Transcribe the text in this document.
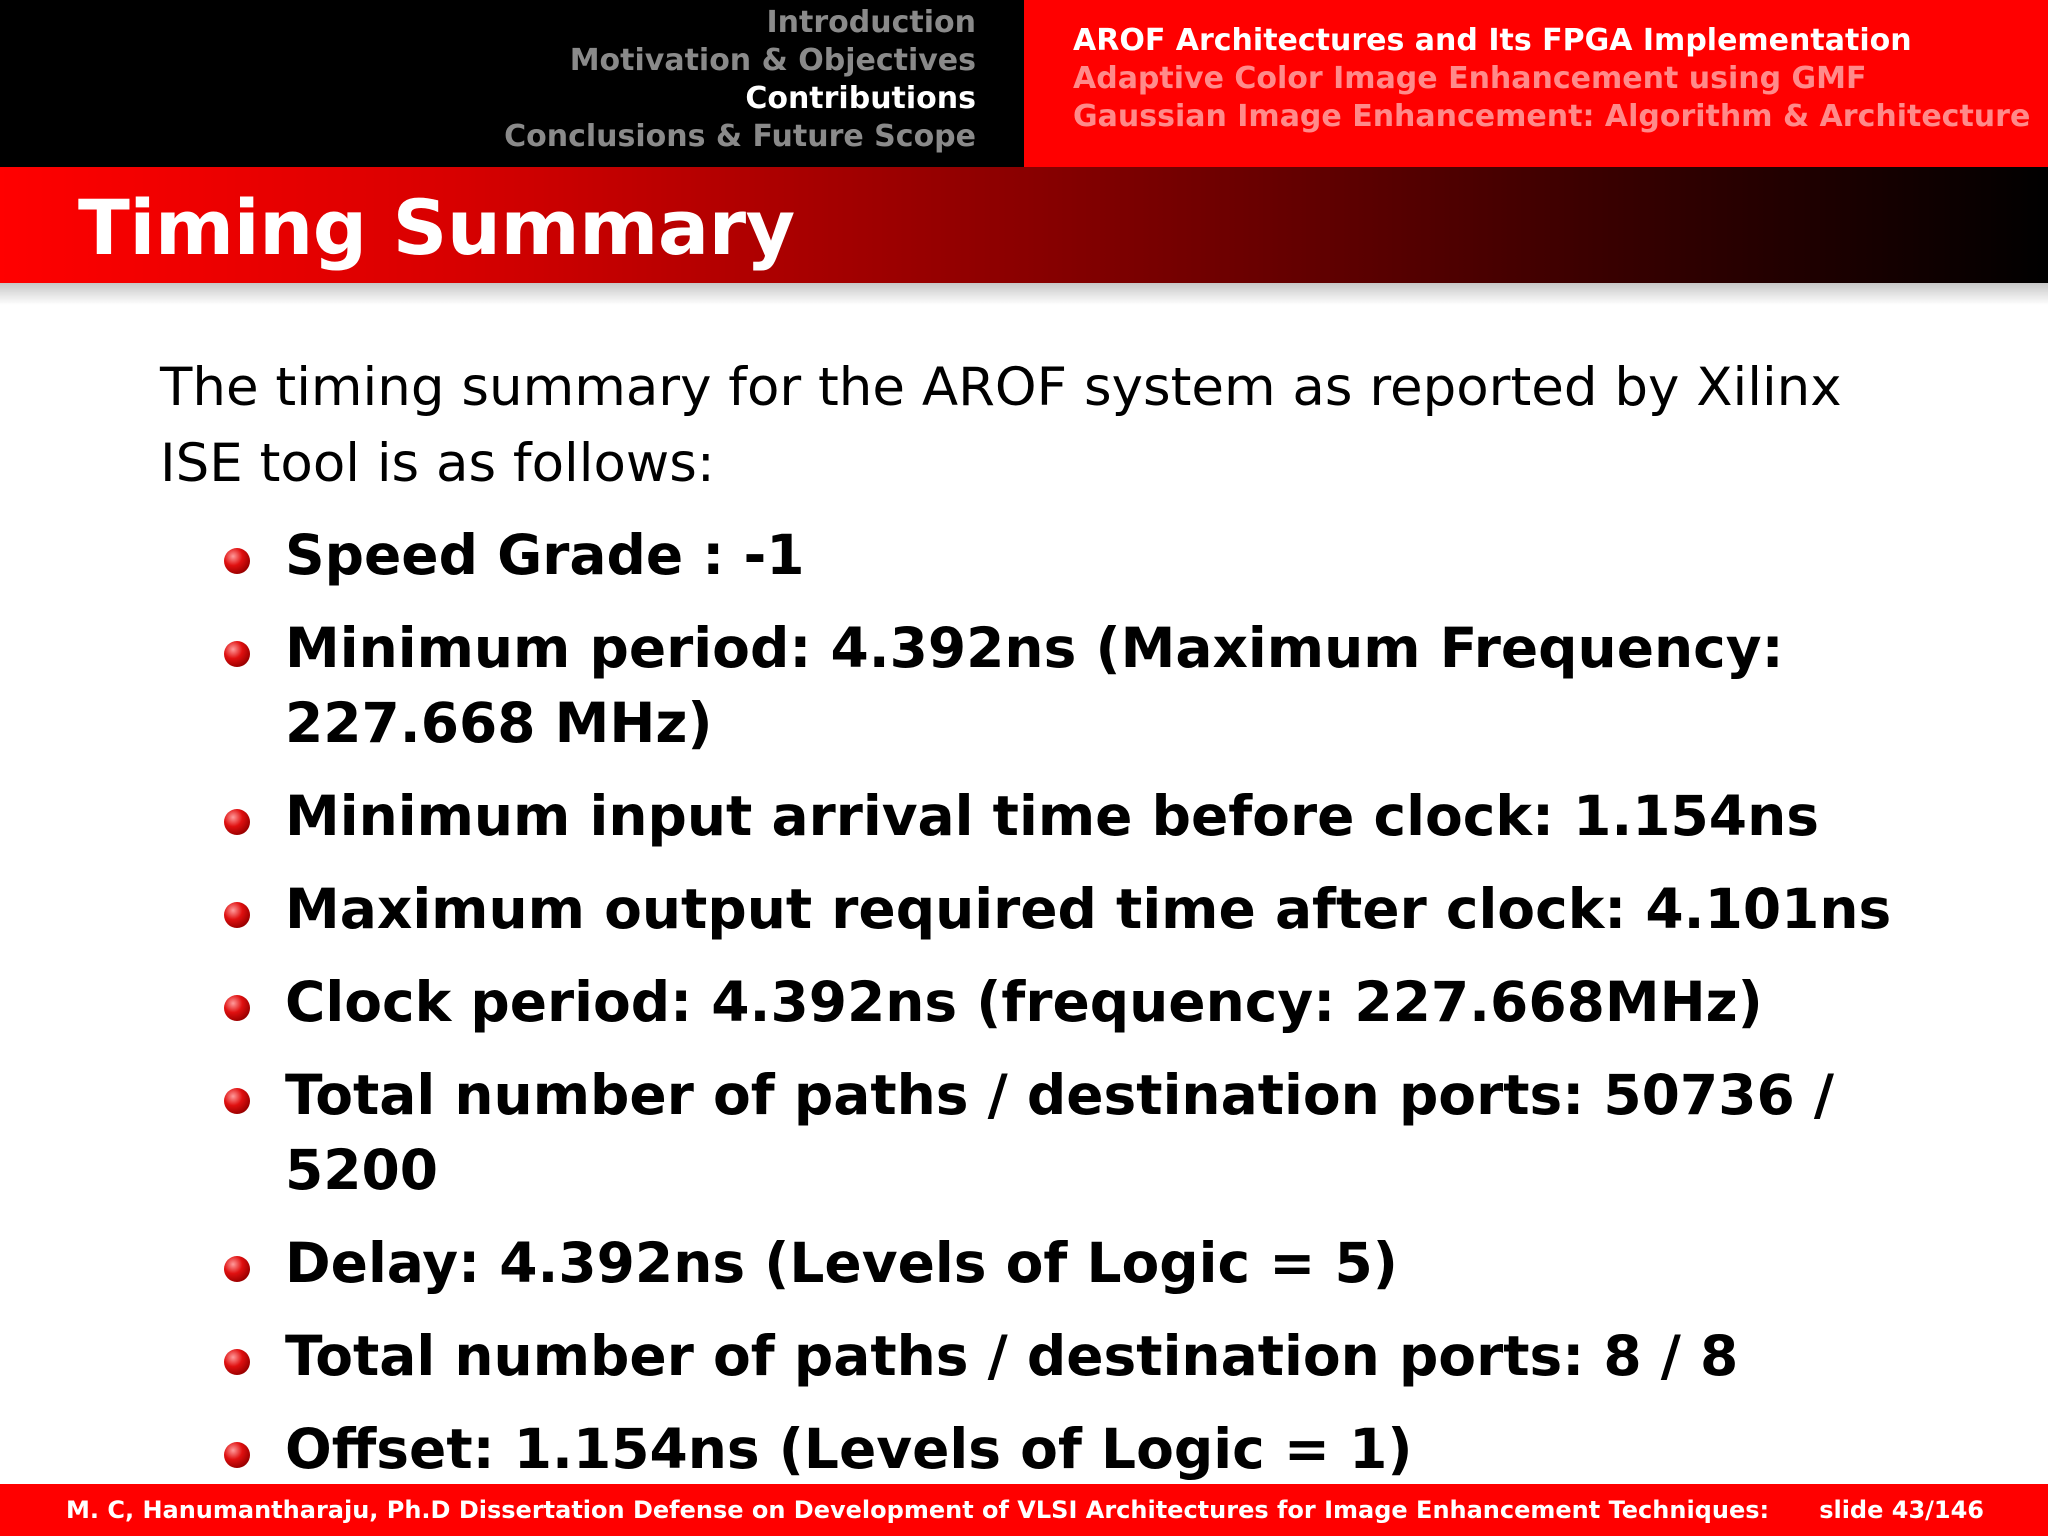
Introduction
Motivation & Objectives
Contributions
Conclusions & Future Scope
AROF Architectures and Its FPGA Implementation
Adaptive Color Image Enhancement using GMF
Gaussian Image Enhancement: Algorithm & Architecture
Timing Summary

The timing summary for the AROF system as reported by Xilinx ISE tool is as follows:

Speed Grade : -1
Minimum period: 4.392ns (Maximum Frequency: 227.668 MHz)
Minimum input arrival time before clock: 1.154ns
Maximum output required time after clock: 4.101ns
Clock period: 4.392ns (frequency: 227.668MHz)
Total number of paths / destination ports: 50736 / 5200
Delay: 4.392ns (Levels of Logic = 5)
Total number of paths / destination ports: 8 / 8
Offset: 1.154ns (Levels of Logic = 1)
M. C, Hanumantharaju, Ph.D Dissertation Defense on Development of VLSI Architectures for Image Enhancement Techniques: slide 43/146
